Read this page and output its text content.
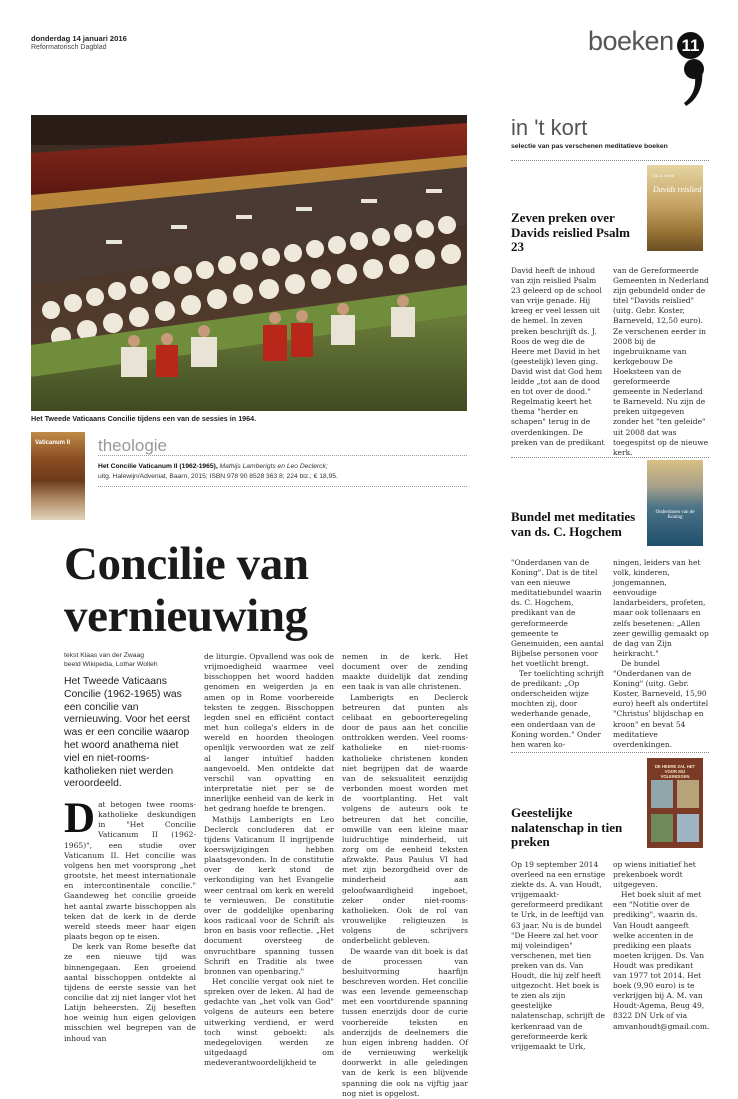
donderdag 14 januari 2016
Reformatorisch Dagblad	boeken 11
Het Tweede Vaticaans Concilie tijdens een van de sessies in 1964.
Vaticanum II theologie
Het Concilie Vaticanum II (1962-1965), Mathijs Lamberigts en Leo Declerck;
uitg. Halewijn/Adveniat, Baarn, 2015; ISBN 978 90 8528 363 8; 224 blz.; € 18,95.
Concilie van
vernieuwing
tekst Klaas van der Zwaag
beeld Wikipedia, Lothar Wolleh
Het Tweede Vaticaans Concilie (1962-1965) was een concilie van vernieuwing. Voor het eerst was er een concilie waarop het woord anathema niet viel en niet-rooms-katholieken niet werden veroordeeld.
D at betogen twee rooms-katholieke deskundigen in "Het Concilie Vaticanum II (1962-1965)", een studie over Vaticanum II. Het concilie was volgens hen met voorsprong „het grootste, het meest internationale en intercontinentale concilie." Gaandeweg het concilie groeide het aantal zwarte bisschoppen als teken dat de kerk in de derde wereld steeds meer haar eigen plaats begon op te eisen.

De kerk van Rome besefte dat ze een nieuwe tijd was binnengegaan. Een groeiend aantal bisschoppen ontdekte al tijdens de eerste sessie van het concilie dat zij niet langer vlot het Latijn beheersten. Zij beseften hoe weinig hun eigen gelovigen misschien wel begrepen van de inhoud van

de liturgie. Opvallend was ook de vrijmoedigheid waarmee veel bisschoppen het woord hadden genomen en weigerden ja en amen op in Rome voorbereide teksten te zeggen. Bisschoppen legden snel en efficiënt contact met hun collega's elders in de wereld en hoorden theologen openlijk verwoorden wat ze zelf al langer intuïtief hadden aangevoeld. Men ontdekte dat verschil van opvatting en interpretatie niet per se de innerlijke eenheid van de kerk in het gedrang hoefde te brengen.

Mathijs Lamberigts en Leo Declerck concluderen dat er tijdens Vaticanum II ingrijpende koerswijzigingen hebben plaatsgevonden. In de constitutie over de kerk stond de verkondiging van het Evangelie weer centraal om kerk en wereld te vernieuwen. De constitutie over de goddelijke openbaring koos radicaal voor de Schrift als bron en basis voor reflectie. „Het document oversteeg de onvruchtbare spanning tussen Schrift en Traditie als twee bronnen van openbaring."

Het concilie vergat ook niet te spreken over de leken. Al had de gedachte van „het volk van God" volgens de auteurs een betere uitwerking verdiend, er werd toch winst geboekt: als medegelovigen werden ze uitgedaagd om medeverantwoordelijkheid te

nemen in de kerk. Het document over de zending maakte duidelijk dat zending een taak is van alle christenen.

Lamberigts en Declerck betreuren dat punten als celibaat en geboorteregeling door de paus aan het concilie onttrokken werden. Veel rooms-katholieke en niet-rooms-katholieke christenen konden niet begrijpen dat de waarde van de seksualiteit eenzijdig verbonden moest worden met de voortplanting. Het valt volgens de auteurs ook te betreuren dat het concilie, omwille van een kleine maar luidruchtige minderheid, uit zorg om de eenheid teksten afzwakte. Paus Paulus VI had met zijn bezorgdheid over de minderheid aan geloofwaardigheid ingeboet, zeker onder niet-rooms-katholieken. Ook de rol van vrouwelijke religieuzen is volgens de schrijvers onderbelicht gebleven.

De waarde van dit boek is dat de processen van besluitvorming haarfijn beschreven worden. Het concilie was een levende gemeenschap met een voortdurende spanning tussen enerzijds door de curie voorbereide teksten en anderzijds de deelnemers die hun eigen inbreng hadden. Of de vernieuwing werkelijk doorwerkt in alle geledingen van de kerk is een blijvende spanning die ook na vijftig jaar nog niet is opgelost.

in 't kort
selectie van pas verschenen meditatieve boeken
Ds. J. Roos
Davids reislied
Zeven preken over Davids reislied Psalm 23
David heeft de inhoud van zijn reislied Psalm 23 geleerd op de school van vrije genade. Hij kreeg er veel lessen uit de hemel. In zeven preken beschrijft ds. J. Roos de weg die de Heere met David in het (geestelijk) leven ging. David wist dat God hem leidde „tot aan de dood en tot over de dood." Regelmatig keert het thema "herder en schapen" terug in de overdenkingen. De preken van de predikant
van de Gereformeerde Gemeenten in Nederland zijn gebundeld onder de titel "Davids reislied" (uitg. Gebr. Koster, Barneveld, 12,50 euro). Ze verschenen eerder in 2008 bij de ingebruikname van kerkgebouw De Hoeksteen van de gereformeerde gemeente in Nederland te Barneveld. Nu zijn de preken uitgegeven zonder het "ten geleide" uit 2008 dat was toegespitst op de nieuwe kerk.
Onderdanen van de Koning
Bundel met meditaties van ds. C. Hogchem

"Onderdanen van de Koning". Dat is de titel van een nieuwe meditatiebundel waarin ds. C. Hogchem, predikant van de gereformeerde gemeente te Genemuiden, een aantal Bijbelse personen voor het voetlicht brengt.

Ter toelichting schrijft de predikant: „Op onderscheiden wijze mochten zij, door wederhande genade, een onderdaan van de Koning worden." Onder hen waren ko-

ningen, leiders van het volk, kinderen, jongemannen, eenvoudige landarbeiders, profeten, maar ook tollenaars en zelfs besetenen: „Allen zeer gewillig gemaakt op de dag van Zijn heirkracht."

De bundel "Onderdanen van de Koning" (uitg. Gebr. Koster, Barneveld, 15,90 euro) heeft als ondertitel "Christus' blijdschap en kroon" en bevat 54 meditatieve overdenkingen.

DE HEERE ZAL HET VOOR MIJ VOLEINDIGEN
Geestelijke nalatenschap in tien preken
Op 19 september 2014 overleed na een ernstige ziekte ds. A. van Houdt, vrijgemaakt-gereformeerd predikant te Urk, in de leeftijd van 63 jaar. Nu is de bundel "De Heere zal het voor mij voleindigen" verschenen, met tien preken van ds. Van Houdt, die hij zelf heeft uitgezocht. Het boek is te zien als zijn geestelijke nalatenschap, schrijft de kerkenraad van de gereformeerde kerk vrijgemaakt te Urk,

op wiens initiatief het prekenboek wordt uitgegeven.

Het boek sluit af met een "Notitie over de prediking", waarin ds. Van Houdt aangeeft welke accenten in de prediking een plaats moeten krijgen. Ds. Van Houdt was predikant van 1977 tot 2014. Het boek (9,90 euro) is te verkrijgen bij A. M. van Houdt-Agema, Beug 49, 8322 DN Urk of via amvanhoudt@gmail.com.
